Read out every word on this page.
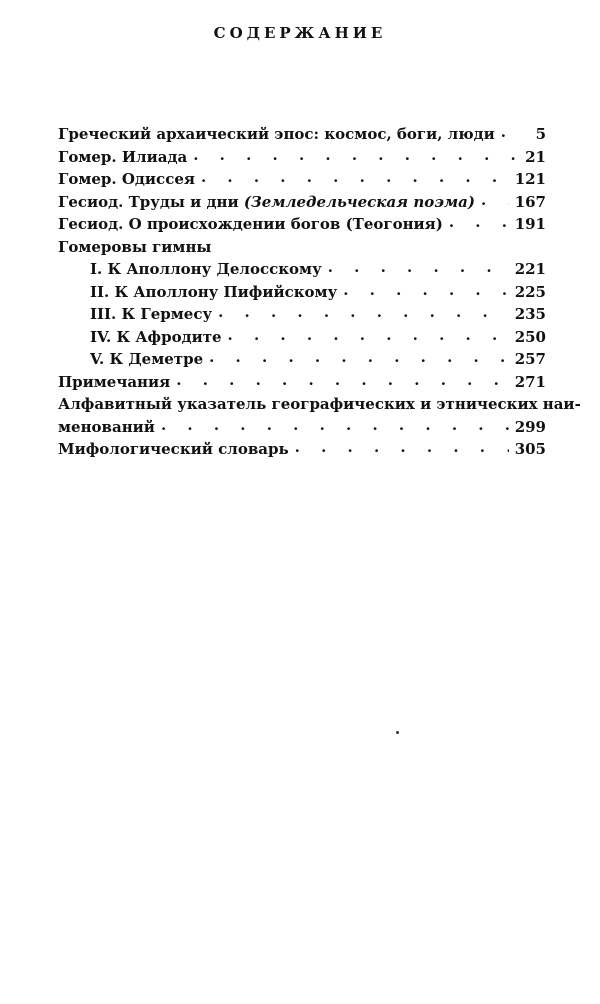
СОДЕРЖАНИЕ
Греческий архаический эпос: космос, боги, люди . . .	5
Гомер. Илиада . . .	21
Гомер. Одиссея . . .	121
Гесиод. Труды и дни (Земледельческая поэма) . . .	167
Гесиод. О происхождении богов (Теогония) . . .	191
Гомеровы гимны
I. К Аполлону Делосскому . . .	221
II. К Аполлону Пифийскому . . .	225
III. К Гермесу . . .	235
IV. К Афродите . . .	250
V. К Деметре . . .	257
Примечания . . .	271
Алфавитный указатель географических и этнических наи-
менований . . .	299
Мифологический словарь . . .	305
